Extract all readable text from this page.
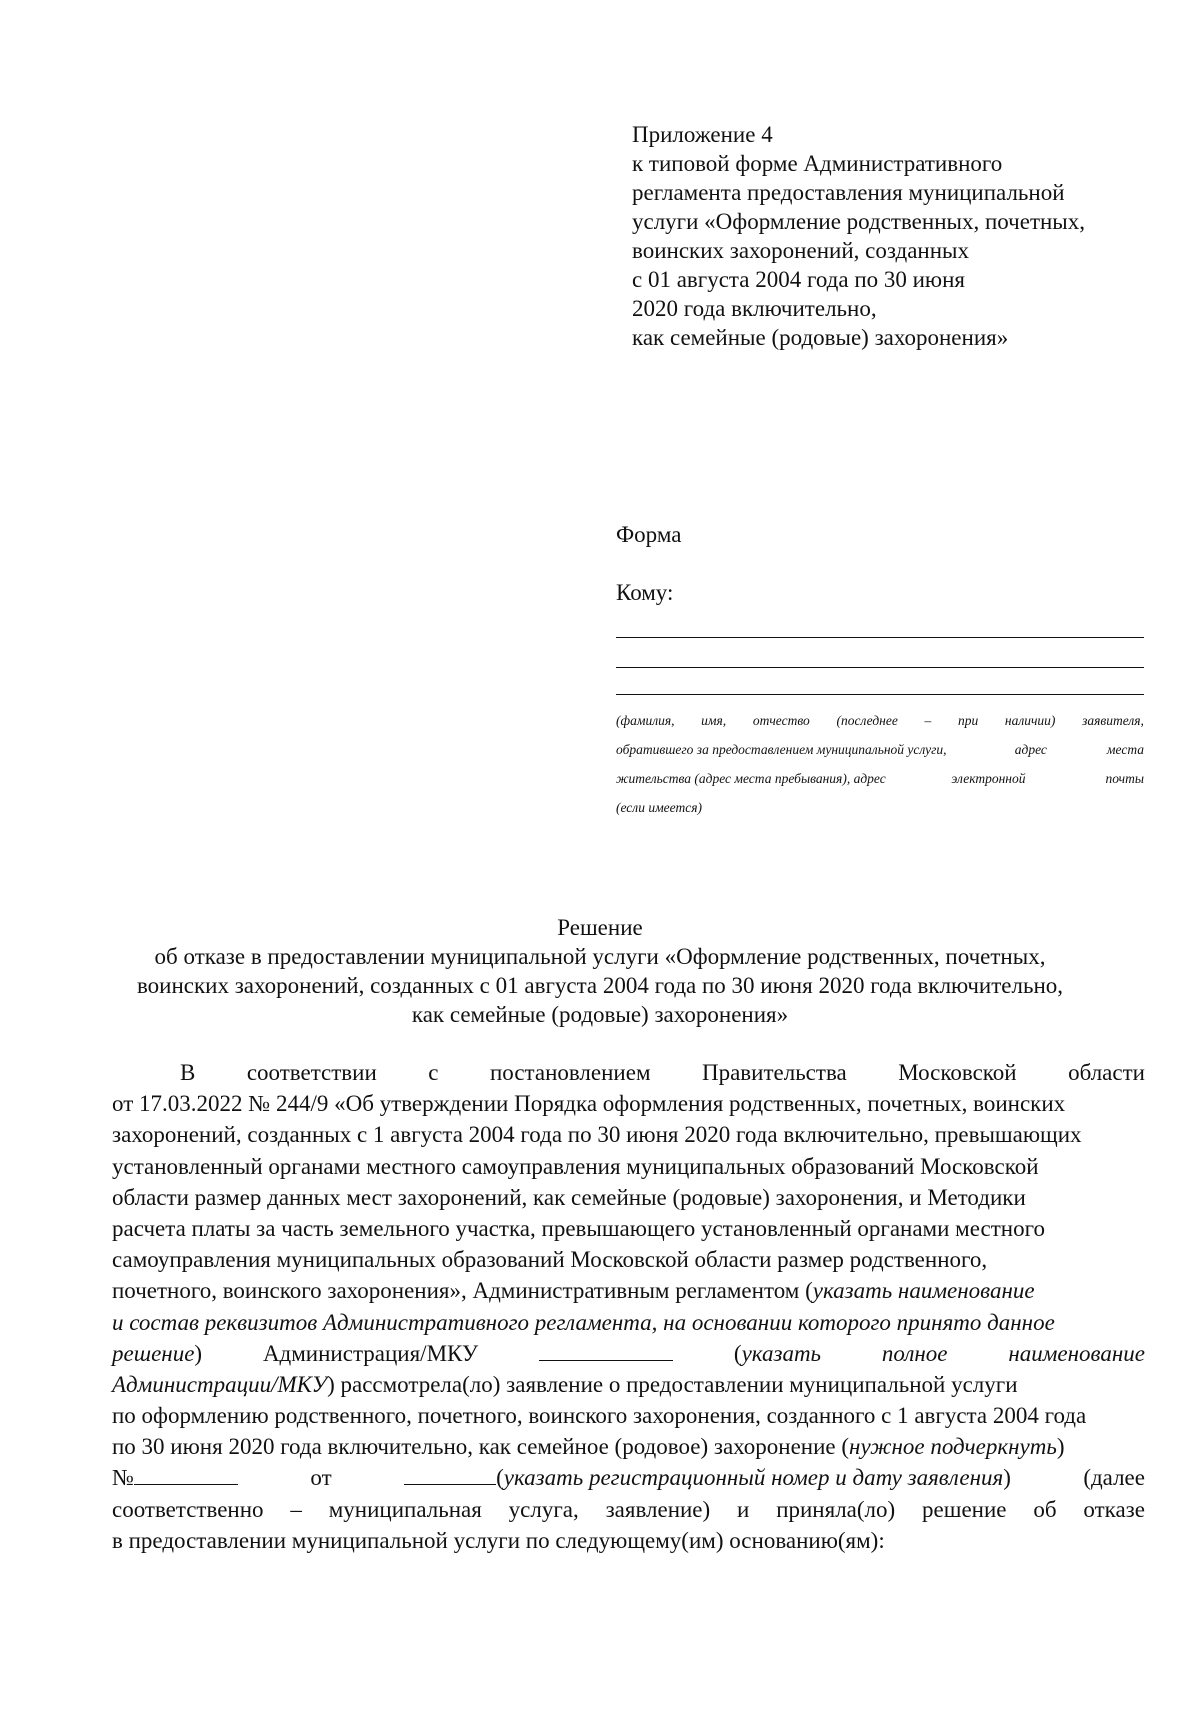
Приложение 4
к типовой форме Административного
регламента предоставления муниципальной
услуги «Оформление родственных, почетных,
воинских захоронений, созданных
с 01 августа 2004 года по 30 июня
2020 года включительно,
как семейные (родовые) захоронения»
Форма
Кому:
(фамилия, имя, отчество (последнее – при наличии) заявителя,
обратившего за предоставлением муниципальной услуги,	адрес	места
жительства (адрес места пребывания), адрес	электронной	почты
(если имеется)
Решение
об отказе в предоставлении муниципальной услуги «Оформление родственных, почетных,
воинских захоронений, созданных с 01 августа 2004 года по 30 июня 2020 года включительно,
как семейные (родовые) захоронения»
В соответствии с постановлением Правительства Московской области
от 17.03.2022 № 244/9 «Об утверждении Порядка оформления родственных, почетных, воинских
захоронений, созданных с 1 августа 2004 года по 30 июня 2020 года включительно, превышающих
установленный органами местного самоуправления муниципальных образований Московской
области размер данных мест захоронений, как семейные (родовые) захоронения, и Методики
расчета платы за часть земельного участка, превышающего установленный органами местного
самоуправления муниципальных образований Московской области размер родственного,
почетного, воинского захоронения», Административным регламентом (указать наименование
и состав реквизитов Административного регламента, на основании которого принято данное
решение)	Администрация/МКУ	(указать	полное	наименование
Администрации/МКУ) рассмотрела(ло) заявление о предоставлении муниципальной услуги
по оформлению родственного, почетного, воинского захоронения, созданного с 1 августа 2004 года
по 30 июня 2020 года включительно, как семейное (родовое) захоронение (нужное подчеркнуть)
№	от	(указать регистрационный номер и дату заявления)	(далее
соответственно – муниципальная услуга, заявление) и приняла(ло) решение об отказе
в предоставлении муниципальной услуги по следующему(им) основанию(ям):
